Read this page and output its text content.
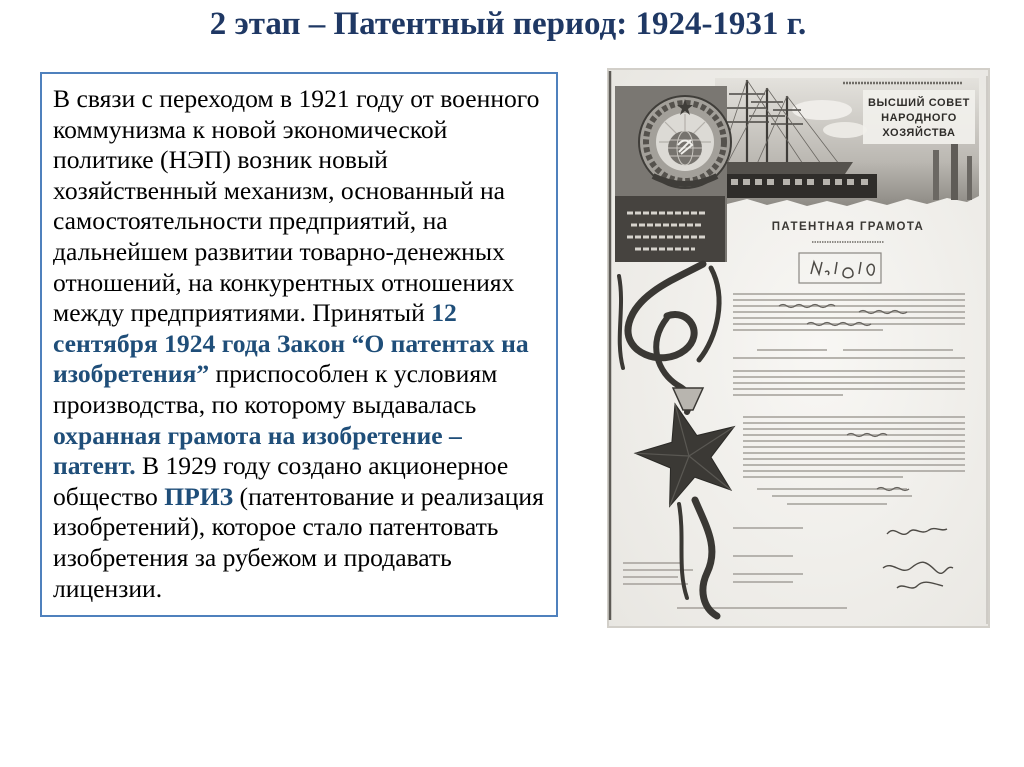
2 этап – Патентный период: 1924-1931 г.
В связи с переходом в 1921 году от военного
коммунизма к новой экономической
политике (НЭП) возник новый
хозяйственный механизм, основанный на
самостоятельности предприятий, на
дальнейшем развитии товарно-денежных
отношений, на конкурентных отношениях
между предприятиями. Принятый 12
сентября 1924 года Закон “О патентах на
изобретения” приспособлен к условиям
производства, по которому выдавалась
охранная грамота на изобретение –
патент. В 1929 году создано акционерное
общество ПРИЗ (патентование и реализация
изобретений), которое стало патентовать
изобретения за рубежом и продавать
лицензии.
ВЫСШИЙ СОВЕТ
НАРОДНОГО
ХОЗЯЙСТВА
ПАТЕНТНАЯ ГРАМОТА
